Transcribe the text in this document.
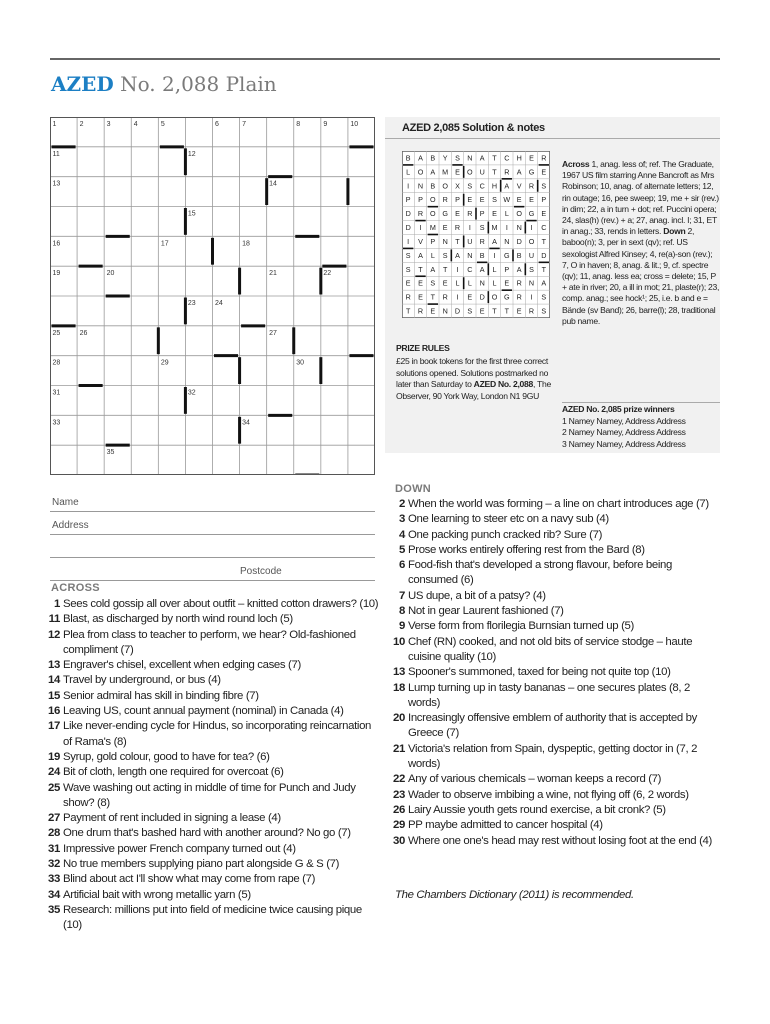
AZED No. 2,088 Plain
1	2	3	4	5	6	7	8	9	10
11	12
13	14
15
16	17	18
19	20	21	22
23	24
25	26	27
28	29	30
31	32
33	34
35
Name
Address
Postcode
ACROSS
1 Sees cold gossip all over about outfit – knitted cotton drawers? (10)
11 Blast, as discharged by north wind round loch (5)
12 Plea from class to teacher to perform, we hear? Old-fashioned compliment (7)
13 Engraver's chisel, excellent when edging cases (7)
14 Travel by underground, or bus (4)
15 Senior admiral has skill in binding fibre (7)
16 Leaving US, count annual payment (nominal) in Canada (4)
17 Like never-ending cycle for Hindus, so incorporating reincarnation of Rama's (8)
19 Syrup, gold colour, good to have for tea? (6)
24 Bit of cloth, length one required for overcoat (6)
25 Wave washing out acting in middle of time for Punch and Judy show? (8)
27 Payment of rent included in signing a lease (4)
28 One drum that's bashed hard with another around? No go (7)
31 Impressive power French company turned out (4)
32 No true members supplying piano part alongside G & S (7)
33 Blind about act I'll show what may come from rape (7)
34 Artificial bait with wrong metallic yarn (5)
35 Research: millions put into field of medicine twice causing pique (10)
AZED 2,085 Solution & notes
BABYSNATCHER
LOAMEOUTRAGE
INBOXSCHAVRS
PPORPEESWEEP
DROGERPELOGE
DIMERISMINIC
IVPNTURANDOT
SALSANBIGBUD
STATICALPAST
EESELLNLERNA
RETRIEDOGRIS
TRENDSETTERS
Across 1, anag. less of; ref. The Graduate, 1967 US film starring Anne Bancroft as Mrs Robinson; 10, anag. of alternate letters; 12, rin outage; 16, pee sweep; 19, me + sir (rev.) in dim; 22, a in turn + dot; ref. Puccini opera; 24, slas(h) (rev.) + a; 27, anag. incl. I; 31, ET in anag.; 33, rends in letters. Down 2, baboo(n); 3, per in sext (qv); ref. US sexologist Alfred Kinsey; 4, re(a)-son (rev.); 7, O in haven; 8, anag. & lit.; 9, cf. spectre (qv); 11, anag. less ea; cross = delete; 15, P + ate in river; 20, a ill in mot; 21, plaste(r); 23, comp. anag.; see hock¹; 25, i.e. b and e = Bände (sv Band); 26, barre(l); 28, traditional pub name.
PRIZE RULES
£25 in book tokens for the first three correct solutions opened. Solutions postmarked no later than Saturday to AZED No. 2,088, The Observer, 90 York Way, London N1 9GU
AZED No. 2,085 prize winners
1 Namey Namey, Address Address
2 Namey Namey, Address Address
3 Namey Namey, Address Address
DOWN
2 When the world was forming – a line on chart introduces age (7)
3 One learning to steer etc on a navy sub (4)
4 One packing punch cracked rib? Sure (7)
5 Prose works entirely offering rest from the Bard (8)
6 Food-fish that's developed a strong flavour, before being consumed (6)
7 US dupe, a bit of a patsy? (4)
8 Not in gear Laurent fashioned (7)
9 Verse form from florilegia Burnsian turned up (5)
10 Chef (RN) cooked, and not old bits of service stodge – haute cuisine quality (10)
13 Spooner's summoned, taxed for being not quite top (10)
18 Lump turning up in tasty bananas – one secures plates (8, 2 words)
20 Increasingly offensive emblem of authority that is accepted by Greece (7)
21 Victoria's relation from Spain, dyspeptic, getting doctor in (7, 2 words)
22 Any of various chemicals – woman keeps a record (7)
23 Wader to observe imbibing a wine, not flying off (6, 2 words)
26 Lairy Aussie youth gets round exercise, a bit cronk? (5)
29 PP maybe admitted to cancer hospital (4)
30 Where one one's head may rest without losing foot at the end (4)
The Chambers Dictionary (2011) is recommended.
